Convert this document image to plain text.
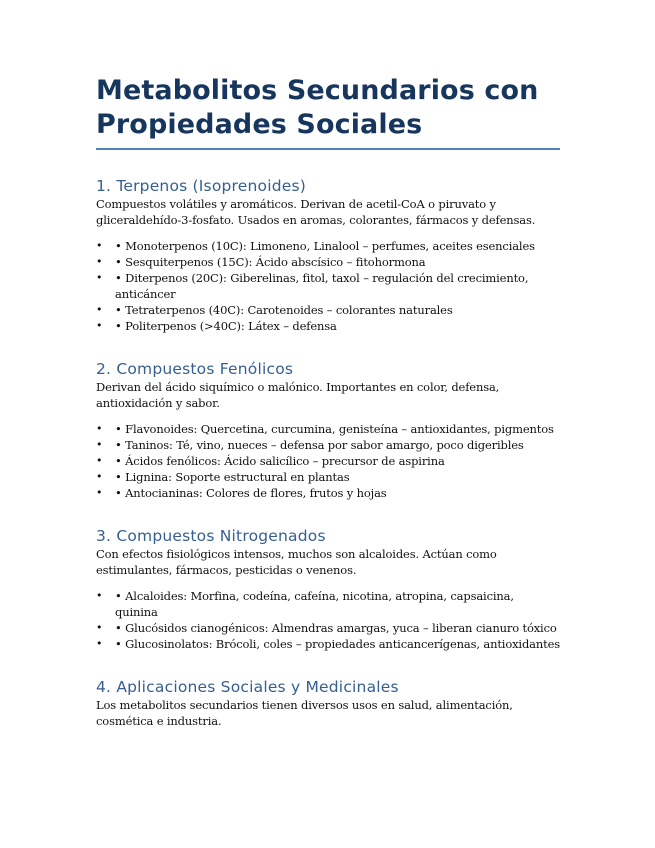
Metabolitos Secundarios con Propiedades Sociales
1. Terpenos (Isoprenoides)

Compuestos volátiles y aromáticos. Derivan de acetil-CoA o piruvato y gliceraldehído-3-fosfato. Usados en aromas, colorantes, fármacos y defensas.

• • Monoterpenos (10C): Limoneno, Linalool – perfumes, aceites esenciales
• • Sesquiterpenos (15C): Ácido abscísico – fitohormona
• • Diterpenos (20C): Giberelinas, fitol, taxol – regulación del crecimiento, anticáncer
• • Tetraterpenos (40C): Carotenoides – colorantes naturales
• • Politerpenos (>40C): Látex – defensa
2. Compuestos Fenólicos

Derivan del ácido siquímico o malónico. Importantes en color, defensa, antioxidación y sabor.

• • Flavonoides: Quercetina, curcumina, genisteína – antioxidantes, pigmentos
• • Taninos: Té, vino, nueces – defensa por sabor amargo, poco digeribles
• • Ácidos fenólicos: Ácido salicílico – precursor de aspirina
• • Lignina: Soporte estructural en plantas
• • Antocianinas: Colores de flores, frutos y hojas
3. Compuestos Nitrogenados

Con efectos fisiológicos intensos, muchos son alcaloides. Actúan como estimulantes, fármacos, pesticidas o venenos.

• • Alcaloides: Morfina, codeína, cafeína, nicotina, atropina, capsaicina, quinina
• • Glucósidos cianogénicos: Almendras amargas, yuca – liberan cianuro tóxico
• • Glucosinolatos: Brócoli, coles – propiedades anticancerígenas, antioxidantes
4. Aplicaciones Sociales y Medicinales

Los metabolitos secundarios tienen diversos usos en salud, alimentación, cosmética e industria.
